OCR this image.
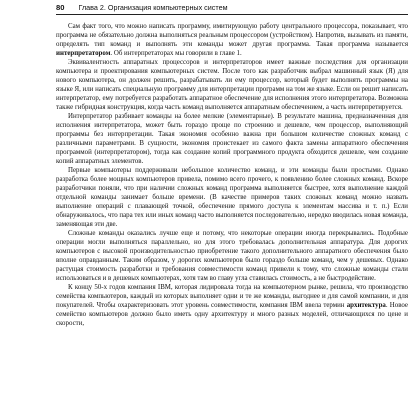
80 Глава 2. Организация компьютерных систем

Сам факт того, что можно написать программу, имитирующую работу центрального процессора, показывает, что программа не обязательно должна выполняться реальным процессором (устройством). Напротив, вызывать из памяти, определять тип команд и выполнять эти команды может другая программа. Такая программа называется интерпретатором. Об интерпретаторах мы говорили в главе 1.

Эквивалентность аппаратных процессоров и интерпретаторов имеет важные последствия для организации компьютера и проектирования компьютерных систем. После того как разработчик выбрал машинный язык (Я) для нового компьютера, он должен решить, разрабатывать ли ему процессор, который будет выполнять программы на языке Я, или написать специальную программу для интерпретации программ на том же языке. Если он решит написать интерпретатор, ему потребуется разработать аппаратное обеспечение для исполнения этого интерпретатора. Возможна также гибридная конструкция, когда часть команд выполняется аппаратным обеспечением, а часть интерпретируется.

Интерпретатор разбивает команды на более мелкие (элементарные). В результате машина, предназначенная для исполнения интерпретатора, может быть гораздо проще по строению и дешевле, чем процессор, выполняющий программы без интерпретации. Такая экономия особенно важна при большом количестве сложных команд с различными параметрами. В сущности, экономия проистекает из самого факта замены аппаратного обеспечения программой (интерпретатором), тогда как создание копий программного продукта обходится дешевле, чем создание копий аппаратных элементов.

Первые компьютеры поддерживали небольшое количество команд, и эти команды были простыми. Однако разработка более мощных компьютеров привела, помимо всего прочего, к появлению более сложных команд. Вскоре разработчики поняли, что при наличии сложных команд программа выполняется быстрее, хотя выполнение каждой отдельной команды занимает больше времени. (В качестве примеров таких сложных команд можно назвать выполнение операций с плавающей точкой, обеспечение прямого доступа к элементам массива и т. п.) Если обнаруживалось, что пара тех или иных команд часто выполняется последовательно, нередко вводилась новая команда, заменяющая эти две.

Сложные команды оказались лучше еще и потому, что некоторые операции иногда перекрывались. Подобные операции могли выполняться параллельно, но для этого требовалась дополнительная аппаратура. Для дорогих компьютеров с высокой производительностью приобретение такого дополнительного аппаратного обеспечения было вполне оправданным. Таким образом, у дорогих компьютеров было гораздо больше команд, чем у дешевых. Однако растущая стоимость разработки и требования совместимости команд привели к тому, что сложные команды стали использоваться и в дешевых компьютерах, хотя там во главу угла ставилась стоимость, а не быстродействие.

К концу 50-х годов компания IBM, которая лидировала тогда на компьютерном рынке, решила, что производство семейства компьютеров, каждый из которых выполняет одни и те же команды, выгоднее и для самой компании, и для покупателей. Чтобы охарактеризовать этот уровень совместимости, компания IBM ввела термин архитектура. Новое семейство компьютеров должно было иметь одну архитектуру и много разных моделей, отличающихся по цене и скорости,
